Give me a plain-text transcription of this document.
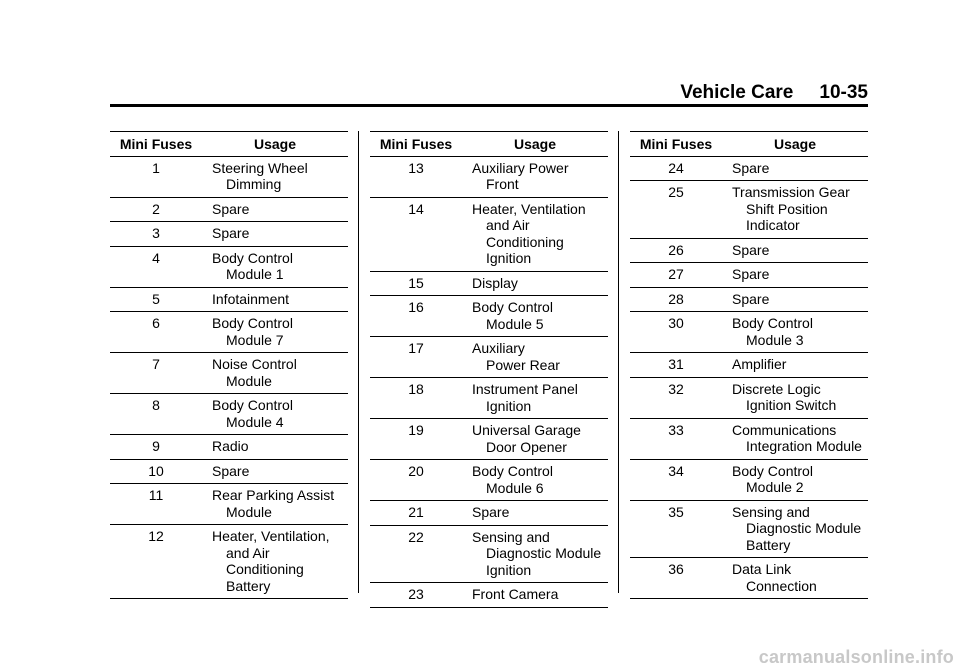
Vehicle Care 10-35
Mini Fuses	Usage
1	Steering Wheel
Dimming

2	Spare

3	Spare

4	Body Control
Module 1

5	Infotainment

6	Body Control
Module 7

7	Noise Control
Module

8	Body Control
Module 4

9	Radio

10	Spare

11	Rear Parking Assist
Module

12	Heater, Ventilation,
and Air Conditioning
Battery
Mini Fuses	Usage
13	Auxiliary Power
Front

14	Heater, Ventilation
and Air Conditioning
Ignition

15	Display

16	Body Control
Module 5

17	Auxiliary
Power Rear

18	Instrument Panel
Ignition

19	Universal Garage
Door Opener

20	Body Control
Module 6

21	Spare

22	Sensing and
Diagnostic Module
Ignition

23	Front Camera
Mini Fuses	Usage
24	Spare

25	Transmission Gear
Shift Position
Indicator

26	Spare

27	Spare

28	Spare

30	Body Control
Module 3

31	Amplifier

32	Discrete Logic
Ignition Switch

33	Communications
Integration Module

34	Body Control
Module 2

35	Sensing and
Diagnostic Module
Battery

36	Data Link
Connection
carmanualsonline.info
